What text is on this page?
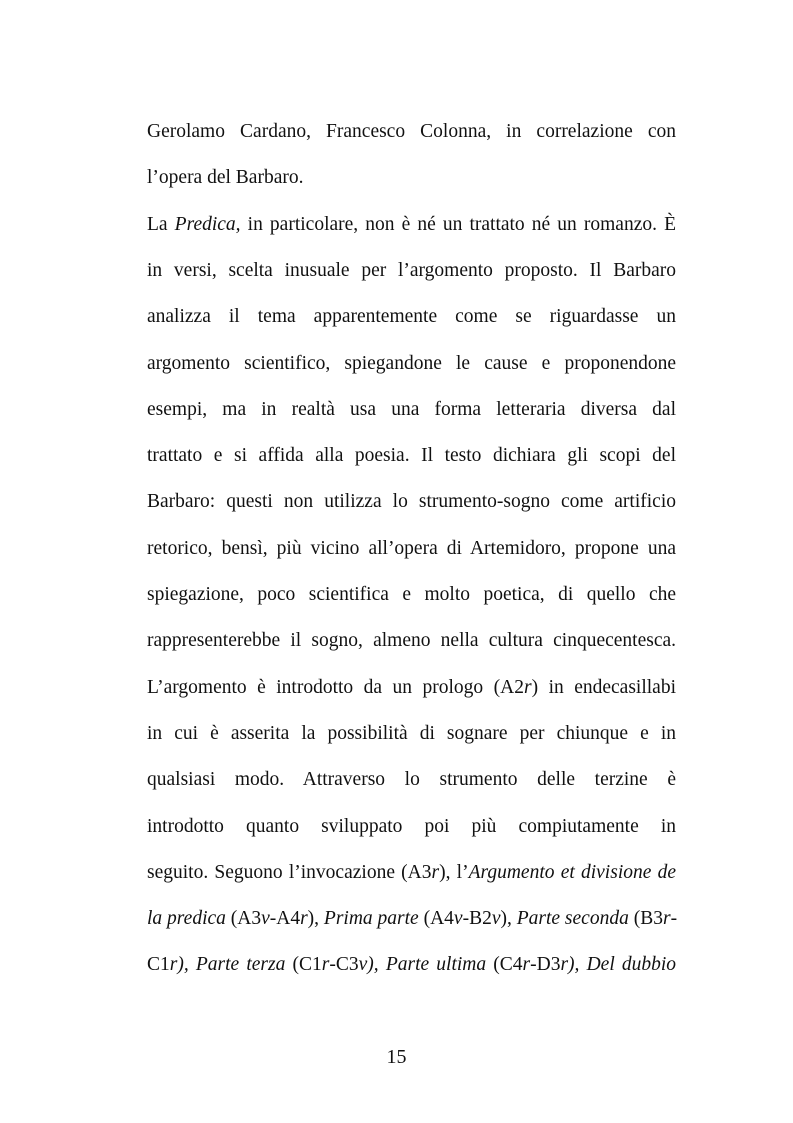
Gerolamo Cardano, Francesco Colonna, in correlazione con
l’opera del Barbaro.
La Predica, in particolare, non è né un trattato né un romanzo. È
in versi, scelta inusuale per l’argomento proposto. Il Barbaro
analizza il tema apparentemente come se riguardasse un
argomento scientifico, spiegandone le cause e proponendone
esempi, ma in realtà usa una forma letteraria diversa dal
trattato e si affida alla poesia. Il testo dichiara gli scopi del
Barbaro: questi non utilizza lo strumento-sogno come artificio
retorico, bensì, più vicino all’opera di Artemidoro, propone una
spiegazione, poco scientifica e molto poetica, di quello che
rappresenterebbe il sogno, almeno nella cultura cinquecentesca.
L’argomento è introdotto da un prologo (A2r) in endecasillabi
in cui è asserita la possibilità di sognare per chiunque e in
qualsiasi modo. Attraverso lo strumento delle terzine è
introdotto quanto sviluppato poi più compiutamente in
seguito. Seguono l’invocazione (A3r), l’Argumento et divisione de
la predica (A3v-A4r), Prima parte (A4v-B2v), Parte seconda (B3r-
C1r), Parte terza (C1r-C3v), Parte ultima (C4r-D3r), Del dubbio
15
